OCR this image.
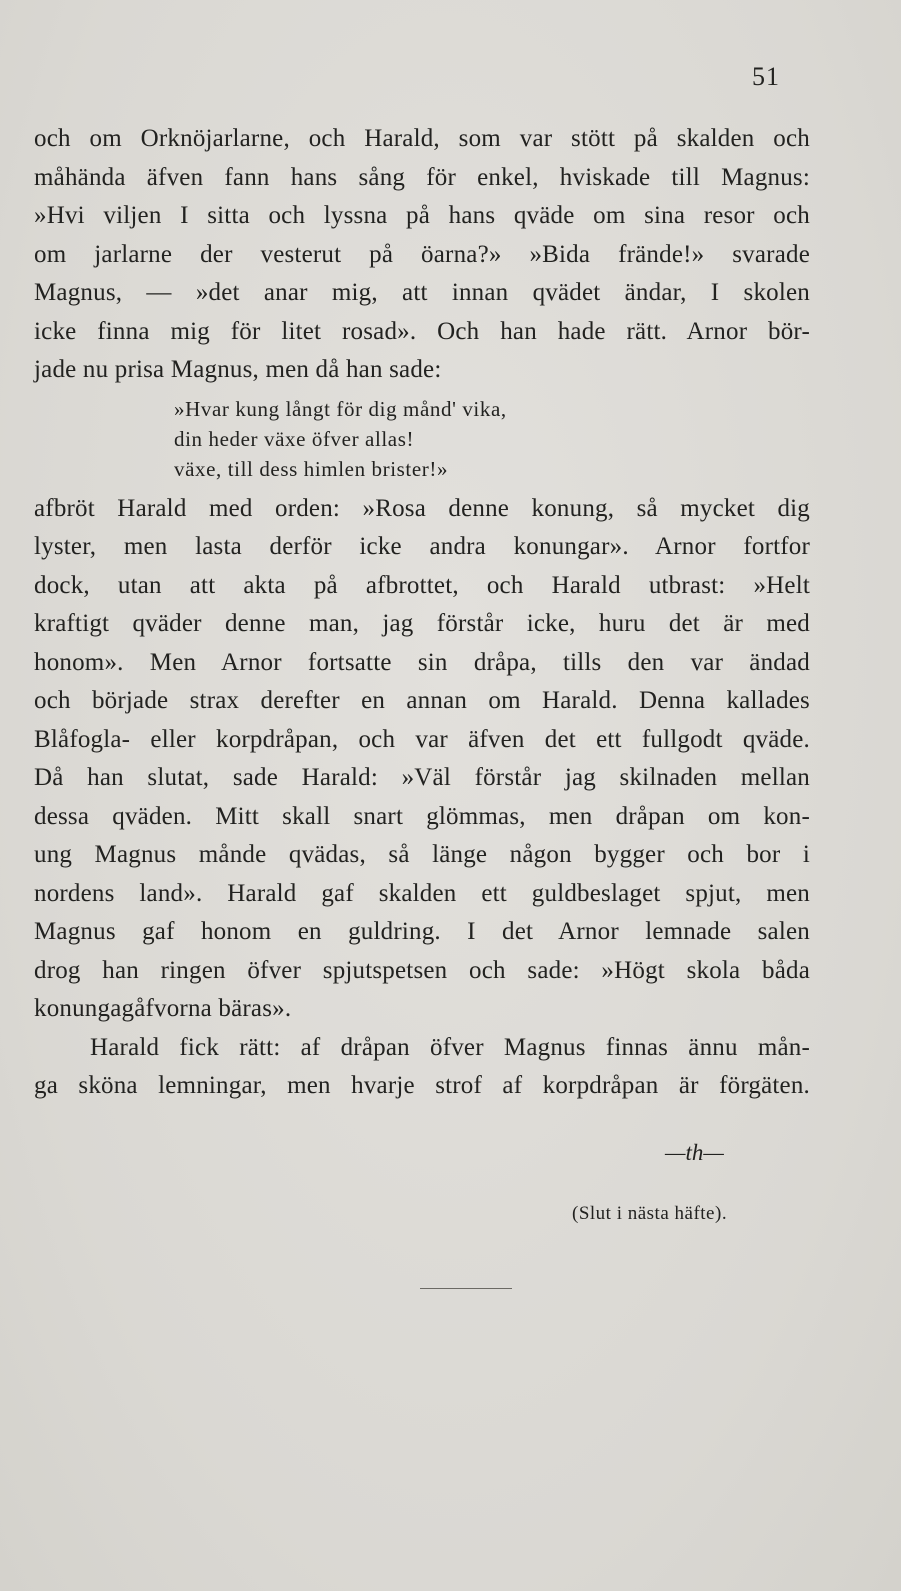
51
och om Orknöjarlarne, och Harald, som var stött på skalden och
måhända äfven fann hans sång för enkel, hviskade till Magnus:
»Hvi viljen I sitta och lyssna på hans qväde om sina resor och
om jarlarne der vesterut på öarna?» »Bida frände!» svarade
Magnus, — »det anar mig, att innan qvädet ändar, I skolen
icke finna mig för litet rosad». Och han hade rätt. Arnor bör-
jade nu prisa Magnus, men då han sade:
»Hvar kung långt för dig månd' vika,
din heder växe öfver allas!
växe, till dess himlen brister!»
afbröt Harald med orden: »Rosa denne konung, så mycket dig
lyster, men lasta derför icke andra konungar». Arnor fortfor
dock, utan att akta på afbrottet, och Harald utbrast: »Helt
kraftigt qväder denne man, jag förstår icke, huru det är med
honom». Men Arnor fortsatte sin dråpa, tills den var ändad
och började strax derefter en annan om Harald. Denna kallades
Blåfogla- eller korpdråpan, och var äfven det ett fullgodt qväde.
Då han slutat, sade Harald: »Väl förstår jag skilnaden mellan
dessa qväden. Mitt skall snart glömmas, men dråpan om kon-
ung Magnus månde qvädas, så länge någon bygger och bor i
nordens land». Harald gaf skalden ett guldbeslaget spjut, men
Magnus gaf honom en guldring. I det Arnor lemnade salen
drog han ringen öfver spjutspetsen och sade: »Högt skola båda
konungagåfvorna bäras».
Harald fick rätt: af dråpan öfver Magnus finnas ännu mån-
ga sköna lemningar, men hvarje strof af korpdråpan är förgäten.
—th—
(Slut i nästa häfte).
